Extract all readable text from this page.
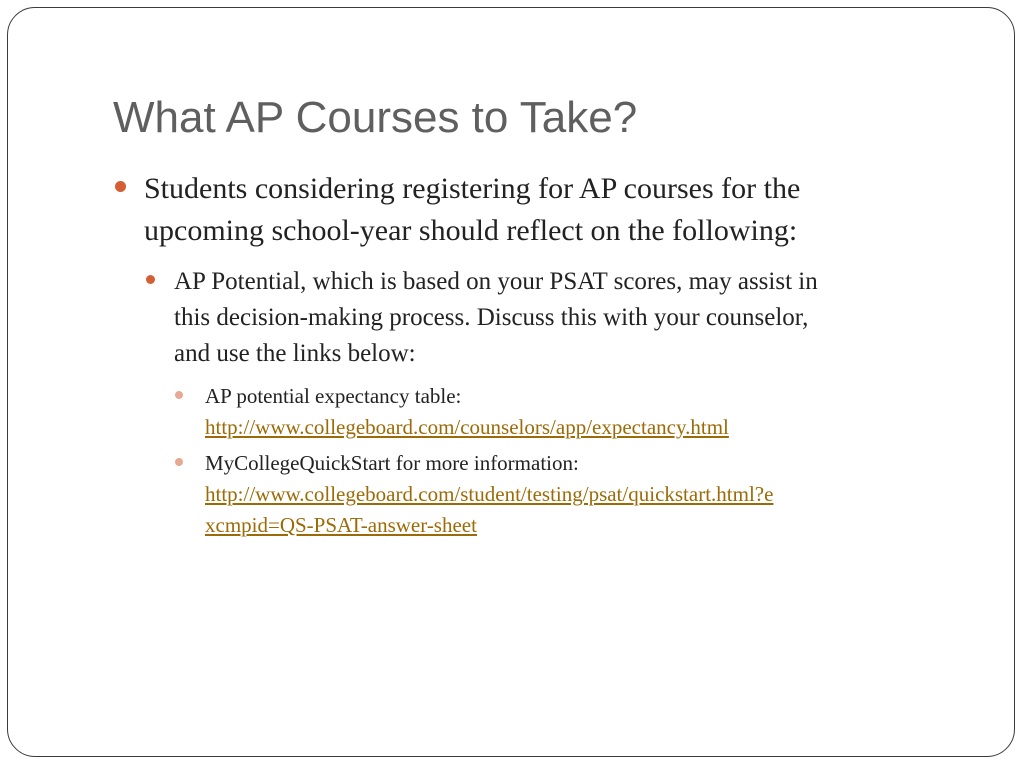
What AP Courses to Take?
Students considering registering for AP courses for the
upcoming school-year should reflect on the following:
AP Potential, which is based on your PSAT scores, may assist in
this decision-making process. Discuss this with your counselor,
and use the links below:
AP potential expectancy table:
http://www.collegeboard.com/counselors/app/expectancy.html
MyCollegeQuickStart for more information:
http://www.collegeboard.com/student/testing/psat/quickstart.html?e
xcmpid=QS-PSAT-answer-sheet
